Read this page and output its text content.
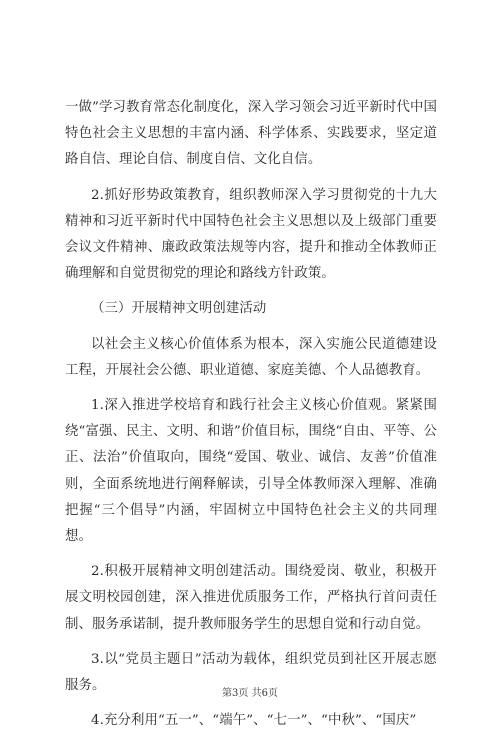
一做”学习教育常态化制度化，深入学习领会习近平新时代中国特色社会主义思想的丰富内涵、科学体系、实践要求，坚定道路自信、理论自信、制度自信、文化自信。

2.抓好形势政策教育，组织教师深入学习贯彻党的十九大精神和习近平新时代中国特色社会主义思想以及上级部门重要会议文件精神、廉政政策法规等内容，提升和推动全体教师正确理解和自觉贯彻党的理论和路线方针政策。

（三）开展精神文明创建活动

以社会主义核心价值体系为根本，深入实施公民道德建设工程，开展社会公德、职业道德、家庭美德、个人品德教育。

1.深入推进学校培育和践行社会主义核心价值观。紧紧围绕“富强、民主、文明、和谐”价值目标，围绕“自由、平等、公正、法治”价值取向，围绕“爱国、敬业、诚信、友善”价值准则，全面系统地进行阐释解读，引导全体教师深入理解、准确把握“三个倡导”内涵，牢固树立中国特色社会主义的共同理想。

2.积极开展精神文明创建活动。围绕爱岗、敬业，积极开展文明校园创建，深入推进优质服务工作，严格执行首问责任制、服务承诺制，提升教师服务学生的思想自觉和行动自觉。

3.以“党员主题日”活动为载体，组织党员到社区开展志愿服务。

4.充分利用“五一”、“端午”、“七一”、“中秋”、“国庆”

第3页 共6页
